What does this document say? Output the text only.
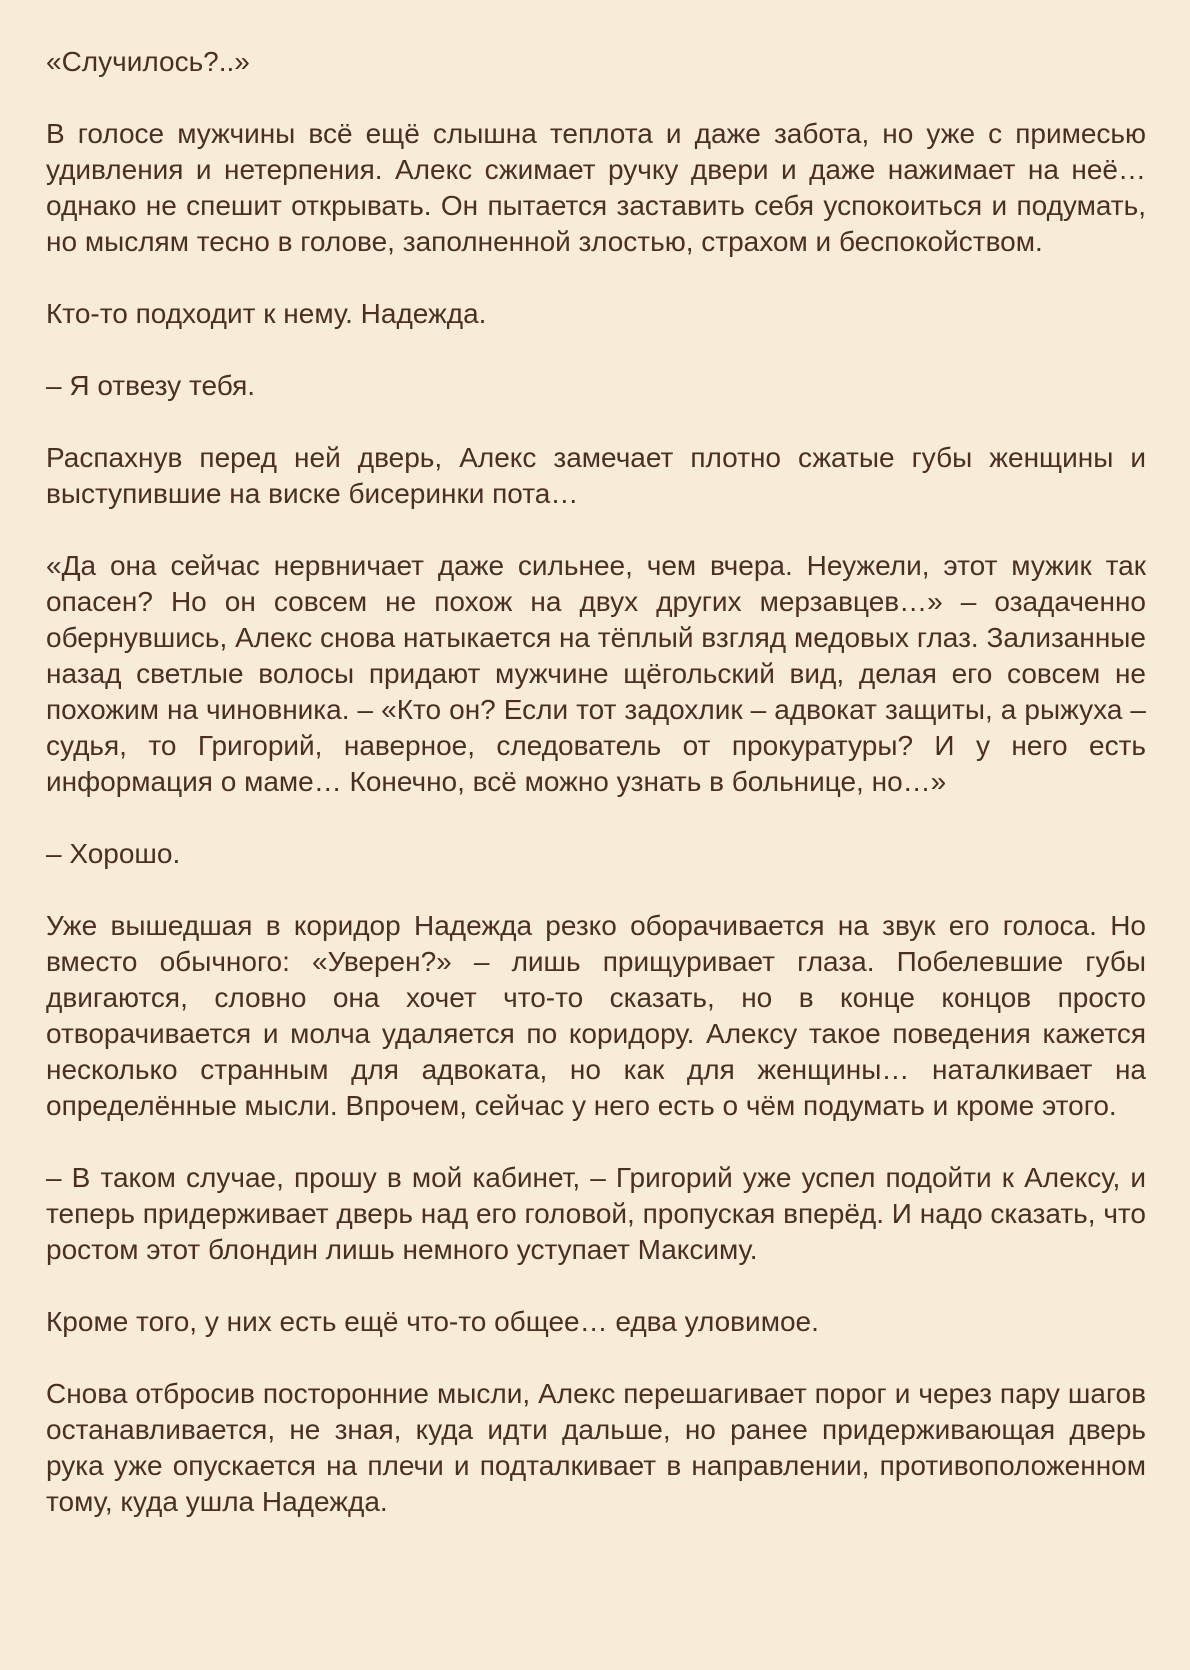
«Случилось?..»

В голосе мужчины всё ещё слышна теплота и даже забота, но уже с примесью удивления и нетерпения. Алекс сжимает ручку двери и даже нажимает на неё… однако не спешит открывать. Он пытается заставить себя успокоиться и подумать, но мыслям тесно в голове, заполненной злостью, страхом и беспокойством.

Кто-то подходит к нему. Надежда.

– Я отвезу тебя.

Распахнув перед ней дверь, Алекс замечает плотно сжатые губы женщины и выступившие на виске бисеринки пота…

«Да она сейчас нервничает даже сильнее, чем вчера. Неужели, этот мужик так опасен? Но он совсем не похож на двух других мерзавцев…» – озадаченно обернувшись, Алекс снова натыкается на тёплый взгляд медовых глаз. Зализанные назад светлые волосы придают мужчине щёгольский вид, делая его совсем не похожим на чиновника. – «Кто он? Если тот задохлик – адвокат защиты, а рыжуха – судья, то Григорий, наверное, следователь от прокуратуры? И у него есть информация о маме… Конечно, всё можно узнать в больнице, но…»

– Хорошо.

Уже вышедшая в коридор Надежда резко оборачивается на звук его голоса. Но вместо обычного: «Уверен?» – лишь прищуривает глаза. Побелевшие губы двигаются, словно она хочет что-то сказать, но в конце концов просто отворачивается и молча удаляется по коридору. Алексу такое поведения кажется несколько странным для адвоката, но как для женщины… наталкивает на определённые мысли. Впрочем, сейчас у него есть о чём подумать и кроме этого.

– В таком случае, прошу в мой кабинет, – Григорий уже успел подойти к Алексу, и теперь придерживает дверь над его головой, пропуская вперёд. И надо сказать, что ростом этот блондин лишь немного уступает Максиму.

Кроме того, у них есть ещё что-то общее… едва уловимое.

Снова отбросив посторонние мысли, Алекс перешагивает порог и через пару шагов останавливается, не зная, куда идти дальше, но ранее придерживающая дверь рука уже опускается на плечи и подталкивает в направлении, противоположенном тому, куда ушла Надежда.
